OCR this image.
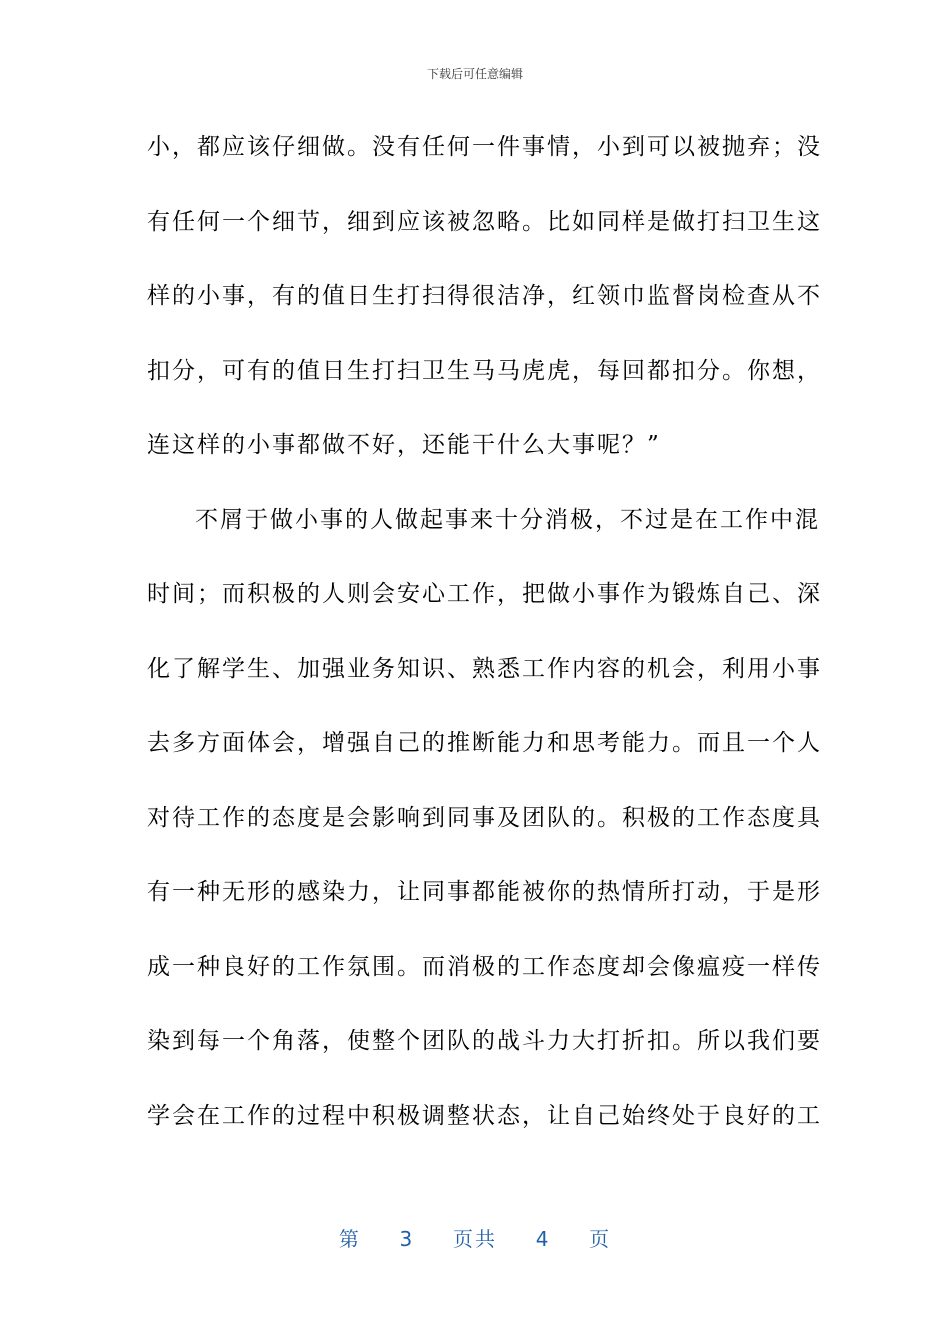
下载后可任意编辑
小，都应该仔细做。没有任何一件事情，小到可以被抛弃；没
有任何一个细节，细到应该被忽略。比如同样是做打扫卫生这
样的小事，有的值日生打扫得很洁净，红领巾监督岗检查从不
扣分，可有的值日生打扫卫生马马虎虎，每回都扣分。你想，
连这样的小事都做不好，还能干什么大事呢？”
不屑于做小事的人做起事来十分消极，不过是在工作中混
时间；而积极的人则会安心工作，把做小事作为锻炼自己、深
化了解学生、加强业务知识、熟悉工作内容的机会，利用小事
去多方面体会，增强自己的推断能力和思考能力。而且一个人
对待工作的态度是会影响到同事及团队的。积极的工作态度具
有一种无形的感染力，让同事都能被你的热情所打动，于是形
成一种良好的工作氛围。而消极的工作态度却会像瘟疫一样传
染到每一个角落，使整个团队的战斗力大打折扣。所以我们要
学会在工作的过程中积极调整状态，让自己始终处于良好的工
第 3 页共 4 页
